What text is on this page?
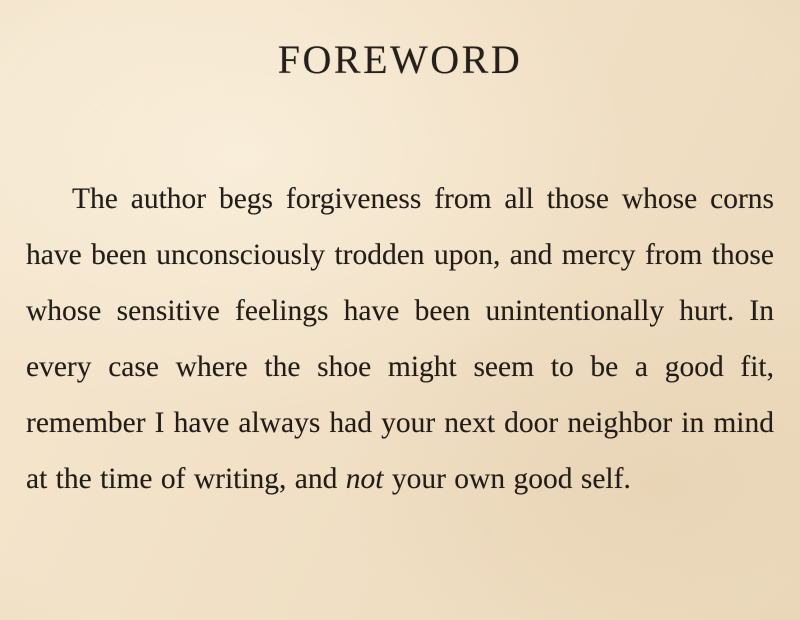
FOREWORD

The author begs forgiveness from all those whose corns have been unconsciously trodden upon, and mercy from those whose sensitive feelings have been unintentionally hurt. In every case where the shoe might seem to be a good fit, remember I have always had your next door neighbor in mind at the time of writing, and not your own good self.
